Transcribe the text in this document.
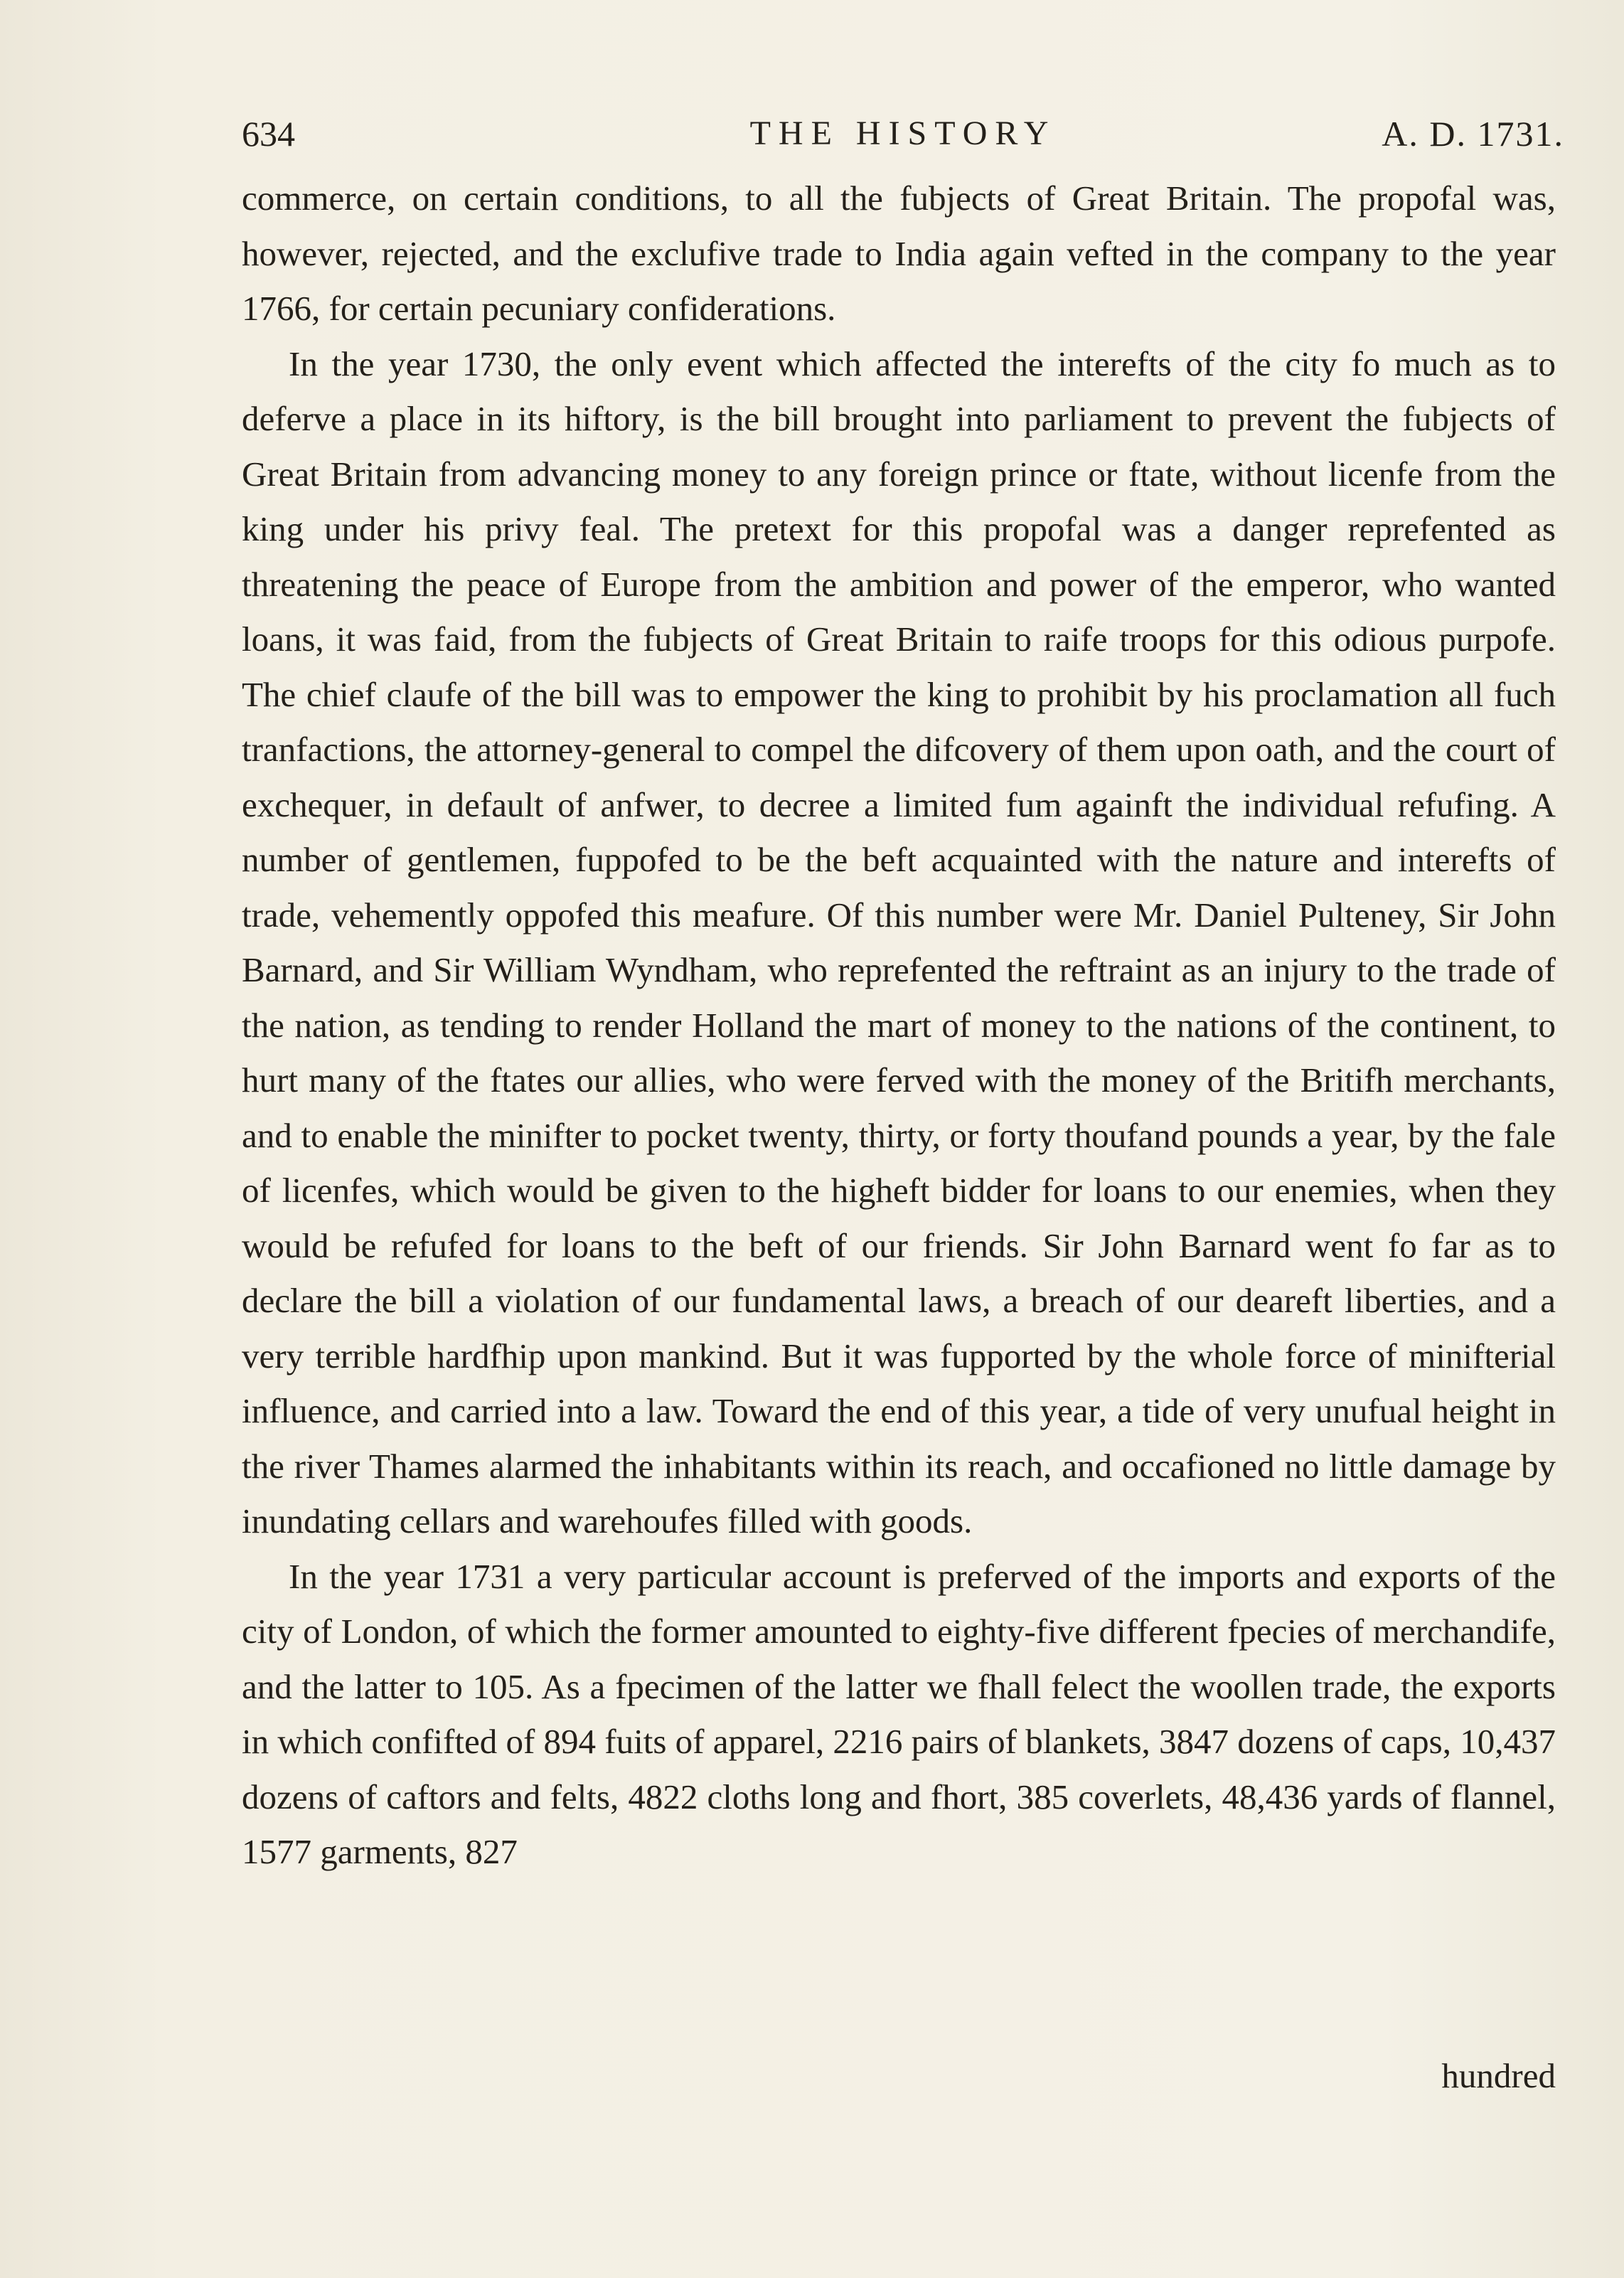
634	THE HISTORY	A. D. 1731.

commerce, on certain conditions, to all the fubjects of Great Britain. The propofal was, however, rejected, and the exclufive trade to India again vefted in the company to the year 1766, for certain pecuniary confiderations.

In the year 1730, the only event which affected the interefts of the city fo much as to deferve a place in its hiftory, is the bill brought into parliament to prevent the fubjects of Great Britain from advancing money to any foreign prince or ftate, without licenfe from the king under his privy feal. The pretext for this propofal was a danger reprefented as threatening the peace of Europe from the ambition and power of the emperor, who wanted loans, it was faid, from the fubjects of Great Britain to raife troops for this odious purpofe. The chief claufe of the bill was to empower the king to prohibit by his proclamation all fuch tranfactions, the attorney-general to compel the difcovery of them upon oath, and the court of exchequer, in default of anfwer, to decree a limited fum againft the individual refufing. A number of gentlemen, fuppofed to be the beft acquainted with the nature and interefts of trade, vehemently oppofed this meafure. Of this number were Mr. Daniel Pulteney, Sir John Barnard, and Sir William Wyndham, who reprefented the reftraint as an injury to the trade of the nation, as tending to render Holland the mart of money to the nations of the continent, to hurt many of the ftates our allies, who were ferved with the money of the Britifh merchants, and to enable the minifter to pocket twenty, thirty, or forty thoufand pounds a year, by the fale of licenfes, which would be given to the higheft bidder for loans to our enemies, when they would be refufed for loans to the beft of our friends. Sir John Barnard went fo far as to declare the bill a violation of our fundamental laws, a breach of our deareft liberties, and a very terrible hardfhip upon mankind. But it was fupported by the whole force of minifterial influence, and carried into a law. Toward the end of this year, a tide of very unufual height in the river Thames alarmed the inhabitants within its reach, and occafioned no little damage by inundating cellars and warehoufes filled with goods.

In the year 1731 a very particular account is preferved of the imports and exports of the city of London, of which the former amounted to eighty-five different fpecies of merchandife, and the latter to 105. As a fpecimen of the latter we fhall felect the woollen trade, the exports in which confifted of 894 fuits of apparel, 2216 pairs of blankets, 3847 dozens of caps, 10,437 dozens of caftors and felts, 4822 cloths long and fhort, 385 coverlets, 48,436 yards of flannel, 1577 garments, 827

hundred
